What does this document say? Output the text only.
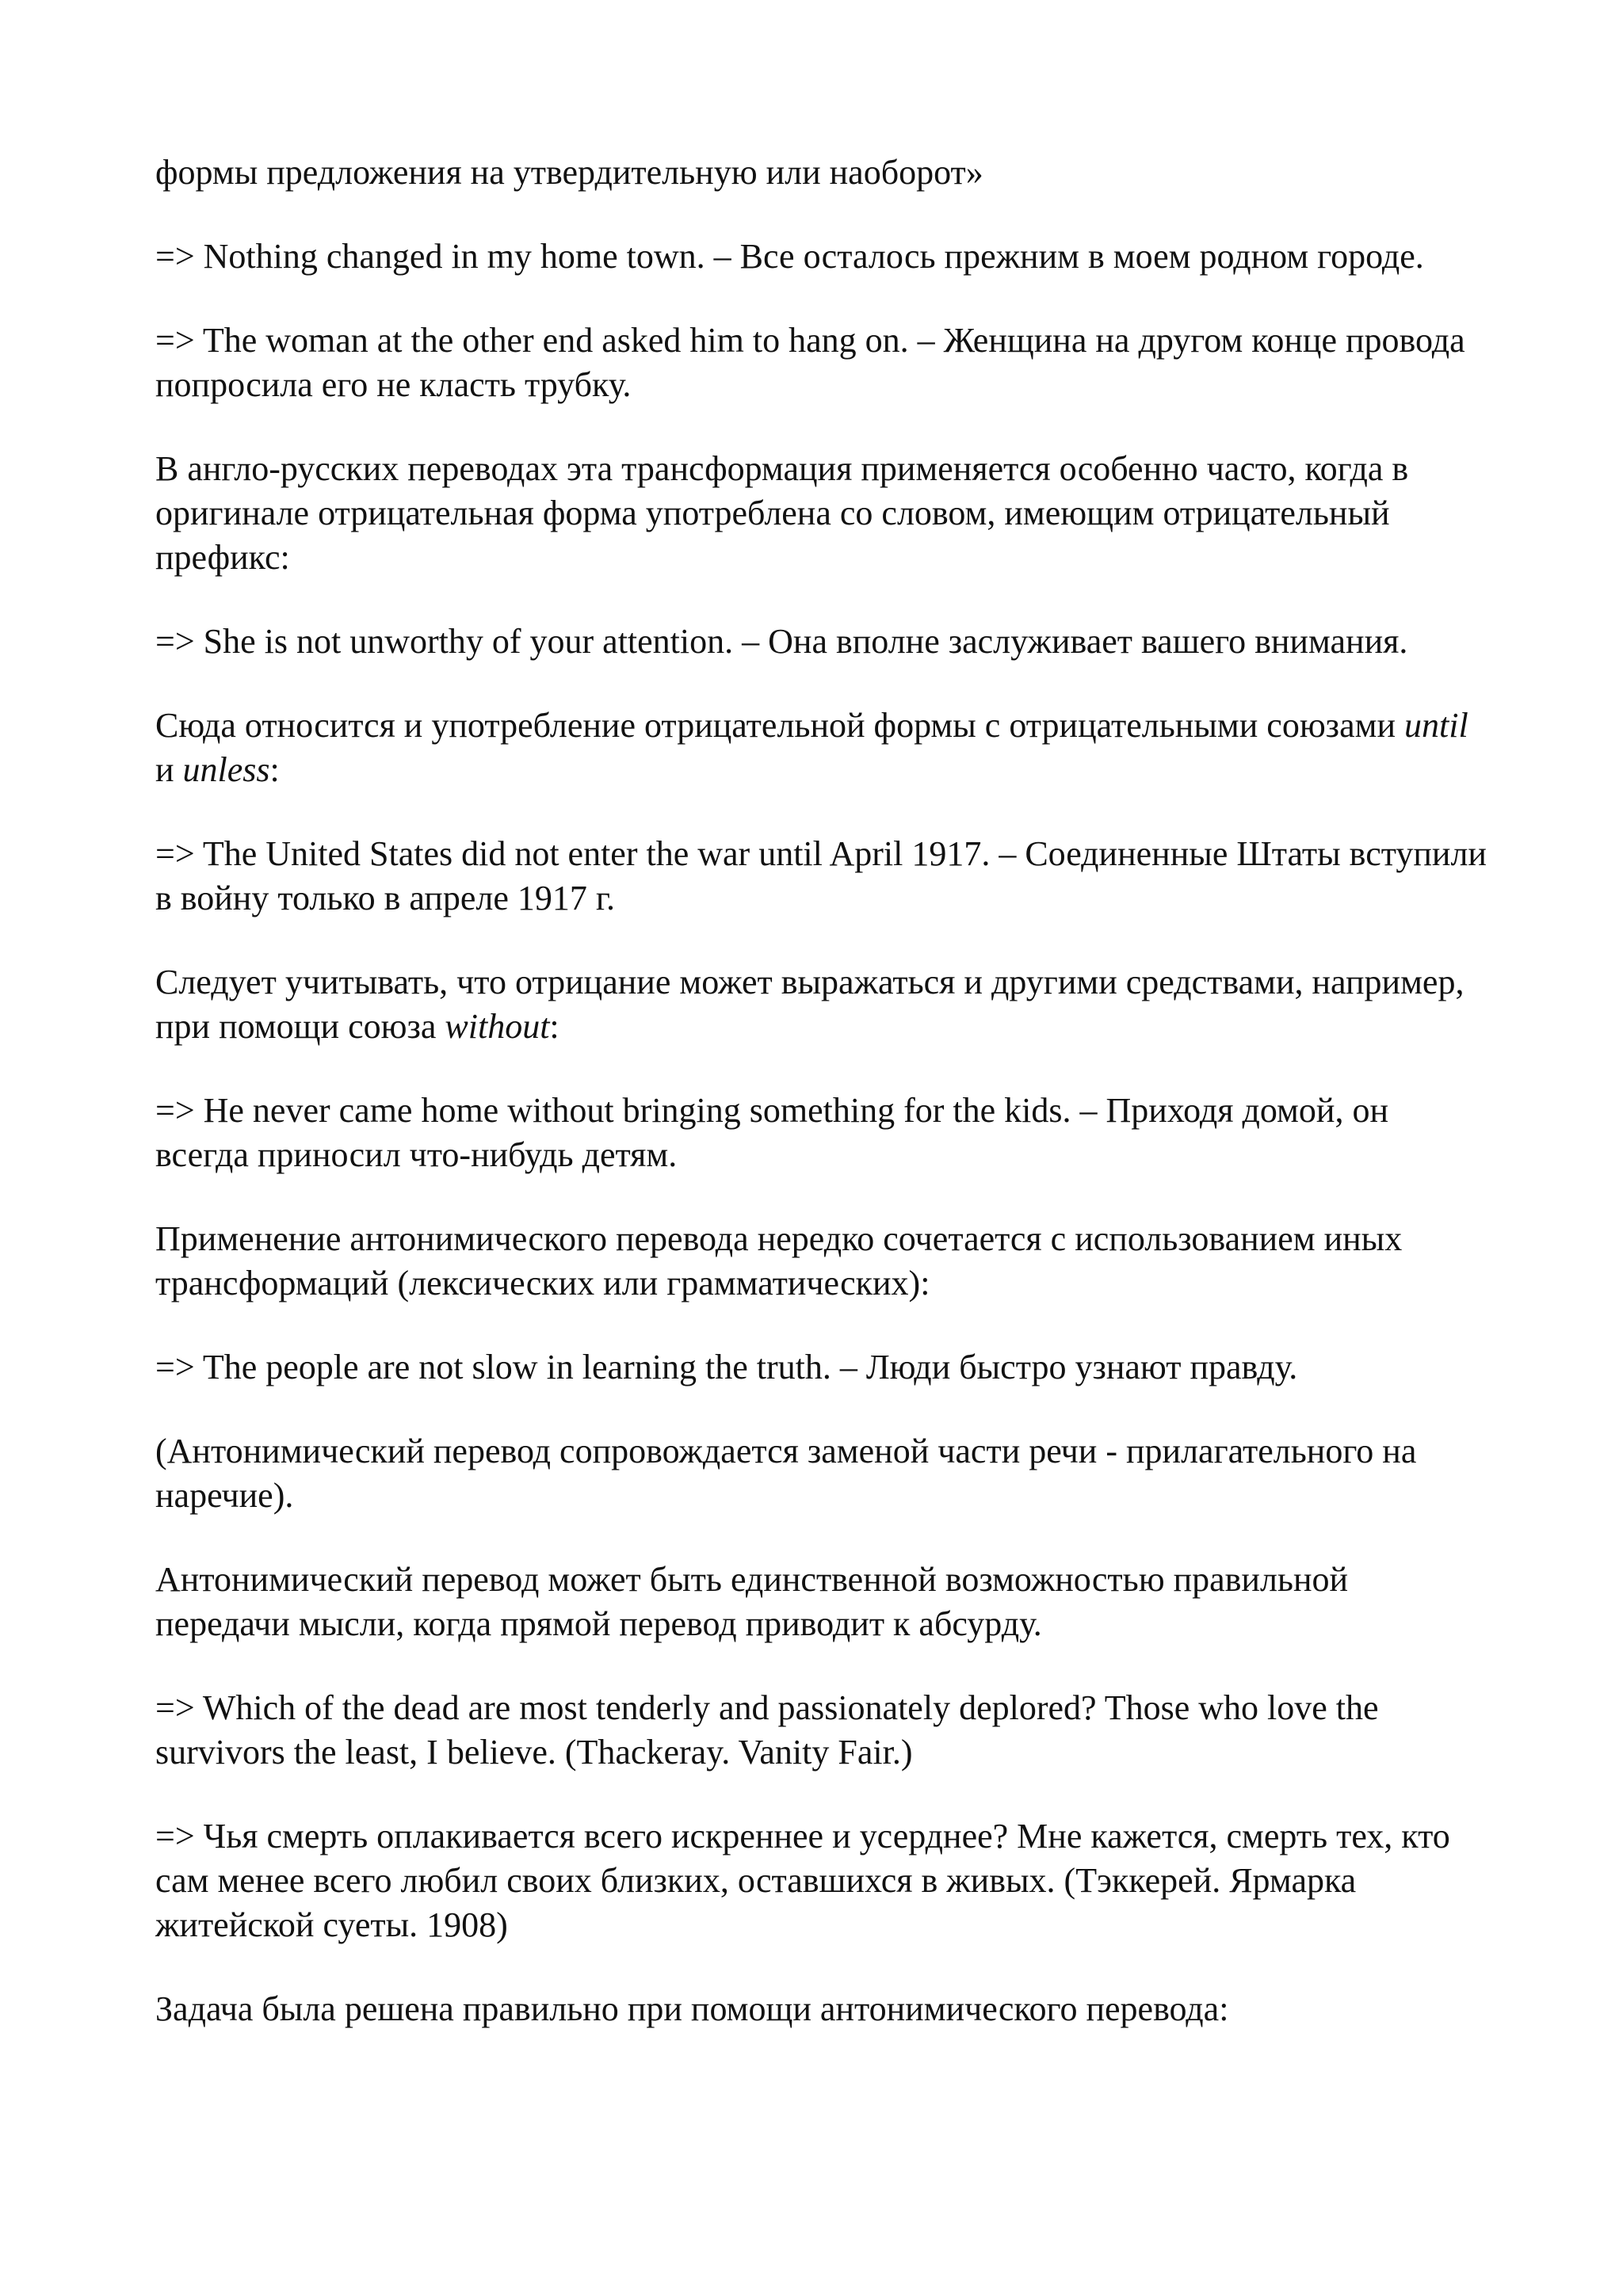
формы предложения на утвердительную или наоборот»

=> Nothing changed in my home town. – Все осталось прежним в моем родном городе.

=> The woman at the other end asked him to hang on. – Женщина на другом конце провода попросила его не класть трубку.

В англо-русских переводах эта трансформация применяется особенно часто, когда в оригинале отрицательная форма употреблена со словом, имеющим отрицательный префикс:

=> She is not unworthy of your attention. – Она вполне заслуживает вашего внимания.

Сюда относится и употребление отрицательной формы с отрицательными союзами until и unless:

=> The United States did not enter the war until April 1917. – Соединенные Штаты вступили в войну только в апреле 1917 г.

Следует учитывать, что отрицание может выражаться и другими средствами, например, при помощи союза without:

=> He never came home without bringing something for the kids. – Приходя домой, он всегда приносил что-нибудь детям.

Применение антонимического перевода нередко сочетается с использованием иных трансформаций (лексических или грамматических):

=> The people are not slow in learning the truth. – Люди быстро узнают правду.

(Антонимический перевод сопровождается заменой части речи - прилагательного на наречие).

Антонимический перевод может быть единственной возможностью правильной передачи мысли, когда прямой перевод приводит к абсурду.

=> Which of the dead are most tenderly and passionately deplored? Those who love the survivors the least, I believe. (Thackeray. Vanity Fair.)

=> Чья смерть оплакивается всего искреннее и усерднее? Мне кажется, смерть тех, кто сам менее всего любил своих близких, оставшихся в живых. (Тэккерей. Ярмарка житейской суеты. 1908)

Задача была решена правильно при помощи антонимического перевода:
